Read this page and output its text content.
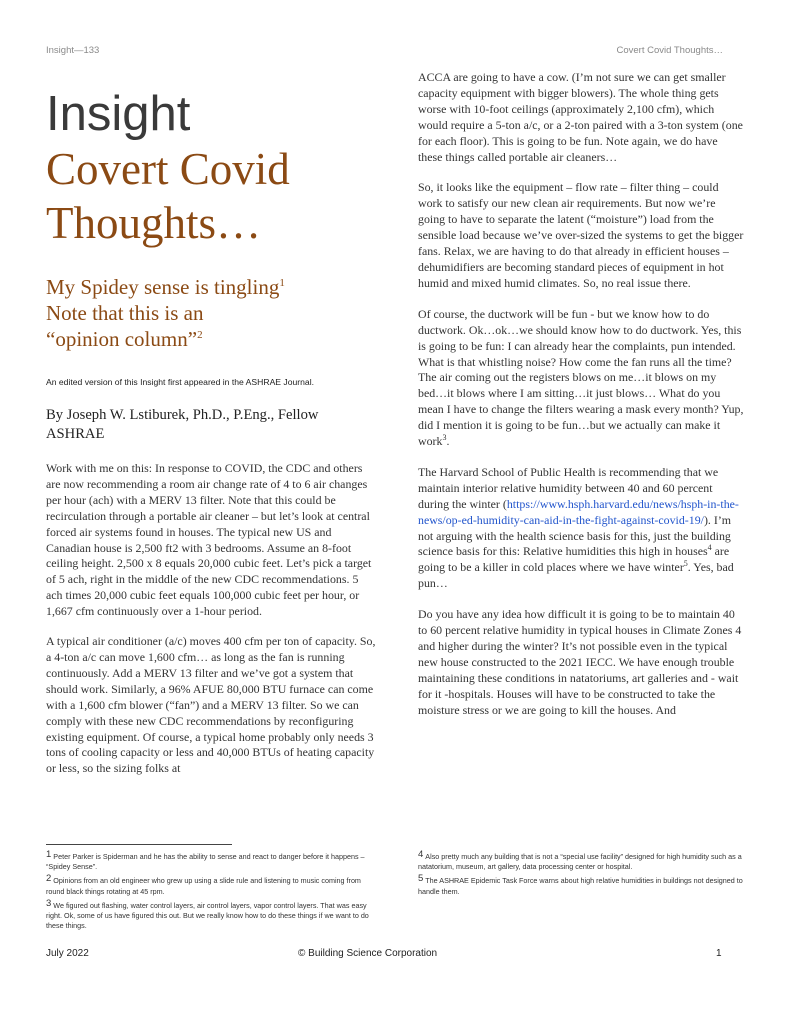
Insight—133	Covert Covid Thoughts…
Insight
Covert Covid
Thoughts…
My Spidey sense is tingling$^1$
Note that this is an
“opinion column”$^2$
An edited version of this Insight first appeared in the ASHRAE Journal.
By Joseph W. Lstiburek, Ph.D., P.Eng., Fellow ASHRAE

Work with me on this: In response to COVID, the CDC and others are now recommending a room air change rate of 4 to 6 air changes per hour (ach) with a MERV 13 filter. Note that this could be recirculation through a portable air cleaner – but let’s look at central forced air systems found in houses. The typical new US and Canadian house is 2,500 ft2 with 3 bedrooms. Assume an 8-foot ceiling height. 2,500 x 8 equals 20,000 cubic feet. Let’s pick a target of 5 ach, right in the middle of the new CDC recommendations. 5 ach times 20,000 cubic feet equals 100,000 cubic feet per hour, or 1,667 cfm continuously over a 1-hour period.

A typical air conditioner (a/c) moves 400 cfm per ton of capacity. So, a 4-ton a/c can move 1,600 cfm… as long as the fan is running continuously. Add a MERV 13 filter and we’ve got a system that should work. Similarly, a 96% AFUE 80,000 BTU furnace can come with a 1,600 cfm blower (“fan”) and a MERV 13 filter. So we can comply with these new CDC recommendations by reconfiguring existing equipment. Of course, a typical home probably only needs 3 tons of cooling capacity or less and 40,000 BTUs of heating capacity or less, so the sizing folks at

ACCA are going to have a cow. (I’m not sure we can get smaller capacity equipment with bigger blowers). The whole thing gets worse with 10-foot ceilings (approximately 2,100 cfm), which would require a 5-ton a/c, or a 2-ton paired with a 3-ton system (one for each floor). This is going to be fun. Note again, we do have these things called portable air cleaners…

So, it looks like the equipment – flow rate – filter thing – could work to satisfy our new clean air requirements. But now we’re going to have to separate the latent (“moisture”) load from the sensible load because we’ve over-sized the systems to get the bigger fans. Relax, we are having to do that already in efficient houses – dehumidifiers are becoming standard pieces of equipment in hot humid and mixed humid climates. So, no real issue there.

Of course, the ductwork will be fun - but we know how to do ductwork. Ok…ok…we should know how to do ductwork. Yes, this is going to be fun: I can already hear the complaints, pun intended. What is that whistling noise? How come the fan runs all the time? The air coming out the registers blows on me…it blows on my bed…it blows where I am sitting…it just blows… What do you mean I have to change the filters wearing a mask every month? Yup, did I mention it is going to be fun…but we actually can make it work$^3$.

The Harvard School of Public Health is recommending that we maintain interior relative humidity between 40 and 60 percent during the winter (https://www.hsph.harvard.edu/news/hsph-in-the-news/op-ed-humidity-can-aid-in-the-fight-against-covid-19/). I’m not arguing with the health science basis for this, just the building science basis for this: Relative humidities this high in houses$^4$ are going to be a killer in cold places where we have winter$^5$. Yes, bad pun…

Do you have any idea how difficult it is going to be to maintain 40 to 60 percent relative humidity in typical houses in Climate Zones 4 and higher during the winter? It’s not possible even in the typical new house constructed to the 2021 IECC. We have enough trouble maintaining these conditions in natatoriums, art galleries and - wait for it -hospitals. Houses will have to be constructed to take the moisture stress or we are going to kill the houses. And

1 Peter Parker is Spiderman and he has the ability to sense and react to danger before it happens – “Spidey Sense”.
2 Opinions from an old engineer who grew up using a slide rule and listening to music coming from round black things rotating at 45 rpm.
3 We figured out flashing, water control layers, air control layers, vapor control layers. That was easy right. Ok, some of us have figured this out. But we really know how to do these things if we want to do these things.
4 Also pretty much any building that is not a “special use facility” designed for high humidity such as a natatorium, museum, art gallery, data processing center or hospital.
5 The ASHRAE Epidemic Task Force warns about high relative humidities in buildings not designed to handle them.
July 2022	© Building Science Corporation	1
